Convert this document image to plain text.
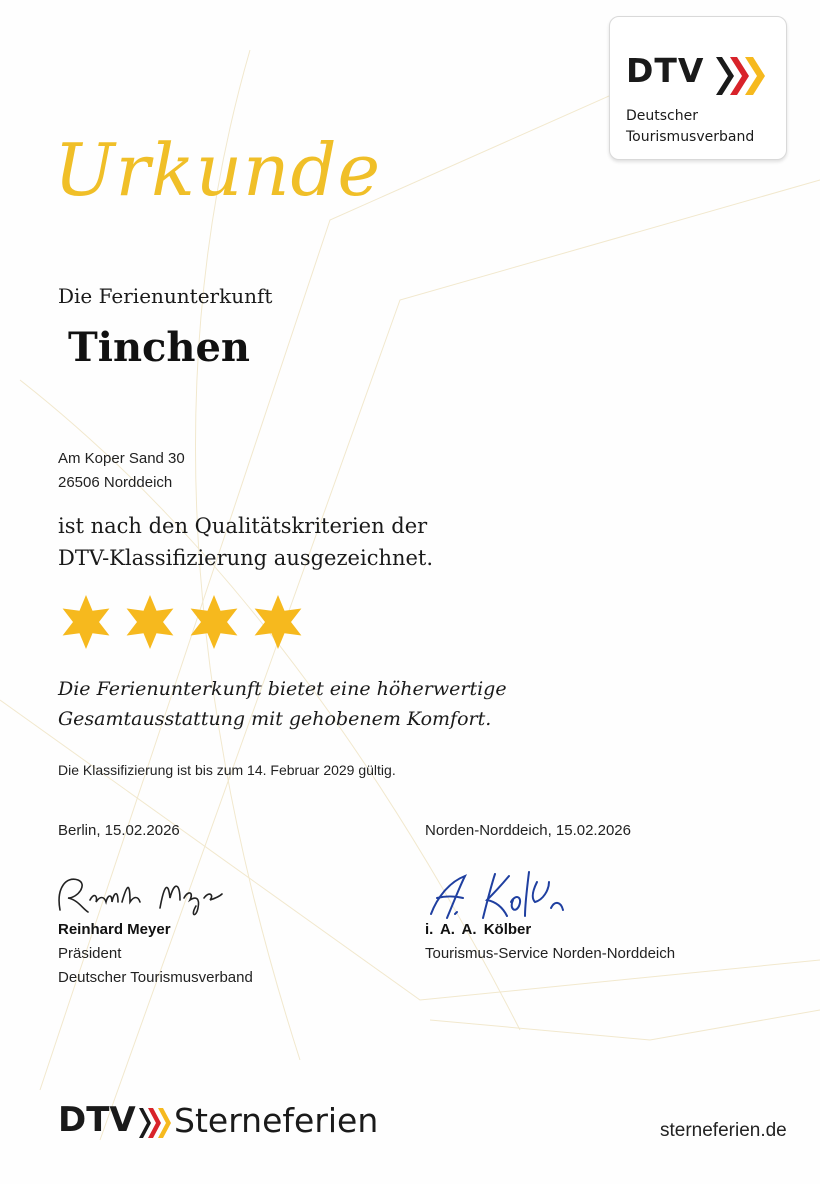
DTV
Deutscher
Tourismusverband
Urkunde
Die Ferienunterkunft
Tinchen
Am Koper Sand 30
26506 Norddeich
ist nach den Qualitätskriterien der
DTV-Klassifizierung ausgezeichnet.
Die Ferienunterkunft bietet eine höherwertige
Gesamtausstattung mit gehobenem Komfort.
Die Klassifizierung ist bis zum 14. Februar 2029 gültig.
Berlin, 15.02.2026	Norden-Norddeich, 15.02.2026
Reinhard Meyer
Präsident
Deutscher Tourismusverband
i. A. A. Kölber
Tourismus-Service Norden-Norddeich
DTV Sterneferien	sterneferien.de
